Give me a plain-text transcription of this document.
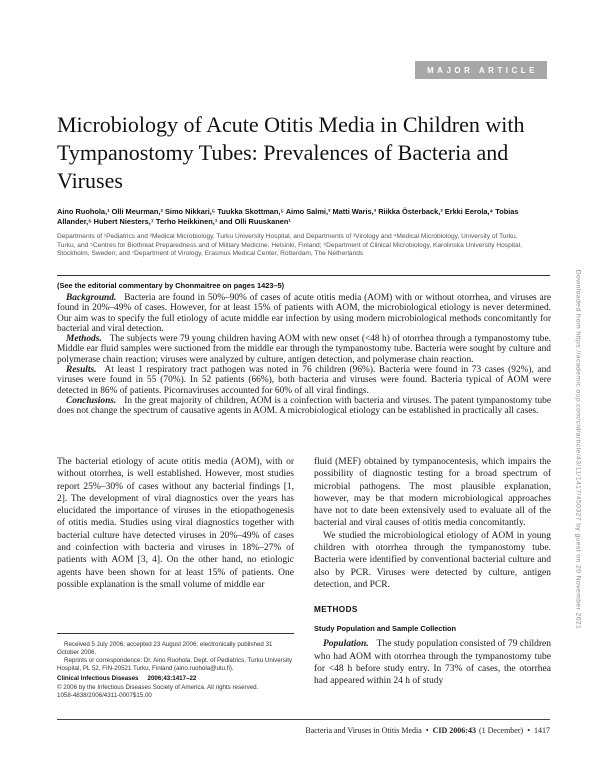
MAJOR ARTICLE
Microbiology of Acute Otitis Media in Children with Tympanostomy Tubes: Prevalences of Bacteria and Viruses
Aino Ruohola,¹ Olli Meurman,² Simo Nikkari,⁵ Tuukka Skottman,⁵ Aimo Salmi,³ Matti Waris,³ Riikka Österback,³ Erkki Eerola,⁴ Tobias Allander,⁶ Hubert Niesters,⁷ Terho Heikkinen,¹ and Olli Ruuskanen¹
Departments of ¹Pediatrics and ²Medical Microbiology, Turku University Hospital, and Departments of ³Virology and ⁴Medical Microbiology, University of Turku, Turku, and ⁵Centres for Biothreat Preparedness and of Military Medicine, Helsinki, Finland; ⁶Department of Clinical Microbiology, Karolinska University Hospital, Stockholm, Sweden; and ⁷Department of Virology, Erasmus Medical Center, Rotterdam, The Netherlands
(See the editorial commentary by Chonmaitree on pages 1423–5)

Background. Bacteria are found in 50%–90% of cases of acute otitis media (AOM) with or without otorrhea, and viruses are found in 20%–49% of cases. However, for at least 15% of patients with AOM, the microbiological etiology is never determined. Our aim was to specify the full etiology of acute middle ear infection by using modern microbiological methods concomitantly for bacterial and viral detection.

Methods. The subjects were 79 young children having AOM with new onset (<48 h) of otorrhea through a tympanostomy tube. Middle ear fluid samples were suctioned from the middle ear through the tympanostomy tube. Bacteria were sought by culture and polymerase chain reaction; viruses were analyzed by culture, antigen detection, and polymerase chain reaction.

Results. At least 1 respiratory tract pathogen was noted in 76 children (96%). Bacteria were found in 73 cases (92%), and viruses were found in 55 (70%). In 52 patients (66%), both bacteria and viruses were found. Bacteria typical of AOM were detected in 86% of patients. Picornaviruses accounted for 60% of all viral findings.

Conclusions. In the great majority of children, AOM is a coinfection with bacteria and viruses. The patent tympanostomy tube does not change the spectrum of causative agents in AOM. A microbiological etiology can be established in practically all cases.

The bacterial etiology of acute otitis media (AOM), with or without otorrhea, is well established. However, most studies report 25%–30% of cases without any bacterial findings [1, 2]. The development of viral diagnostics over the years has elucidated the importance of viruses in the etiopathogenesis of otitis media. Studies using viral diagnostics together with bacterial culture have detected viruses in 20%–49% of cases and coinfection with bacteria and viruses in 18%–27% of patients with AOM [3, 4]. On the other hand, no etiologic agents have been shown for at least 15% of patients. One possible explanation is the small volume of middle ear

Received 5 July 2006; accepted 23 August 2006; electronically published 31 October 2006.

Reprints or correspondence: Dr. Aino Ruohola, Dept. of Pediatrics, Turku University Hospital, PL 52, FIN-20521 Turku, Finland (aino.ruohola@utu.fi).

Clinical Infectious Diseases 2006;43:1417–22

© 2006 by the Infectious Diseases Society of America. All rights reserved.

1058-4838/2006/4311-0007$15.00

fluid (MEF) obtained by tympanocentesis, which impairs the possibility of diagnostic testing for a broad spectrum of microbial pathogens. The most plausible explanation, however, may be that modern microbiological approaches have not to date been extensively used to evaluate all of the bacterial and viral causes of otitis media concomitantly.

We studied the microbiological etiology of AOM in young children with otorrhea through the tympanostomy tube. Bacteria were identified by conventional bacterial culture and also by PCR. Viruses were detected by culture, antigen detection, and PCR.

METHODS
Study Population and Sample Collection

Population. The study population consisted of 79 children who had AOM with otorrhea through the tympanostomy tube for <48 h before study entry. In 73% of cases, the otorrhea had appeared within 24 h of study

Bacteria and Viruses in Otitis Media • CID 2006:43 (1 December) • 1417
Downloaded from https://academic.oup.com/cid/article/43/11/1417/450327 by guest on 20 November 2021
